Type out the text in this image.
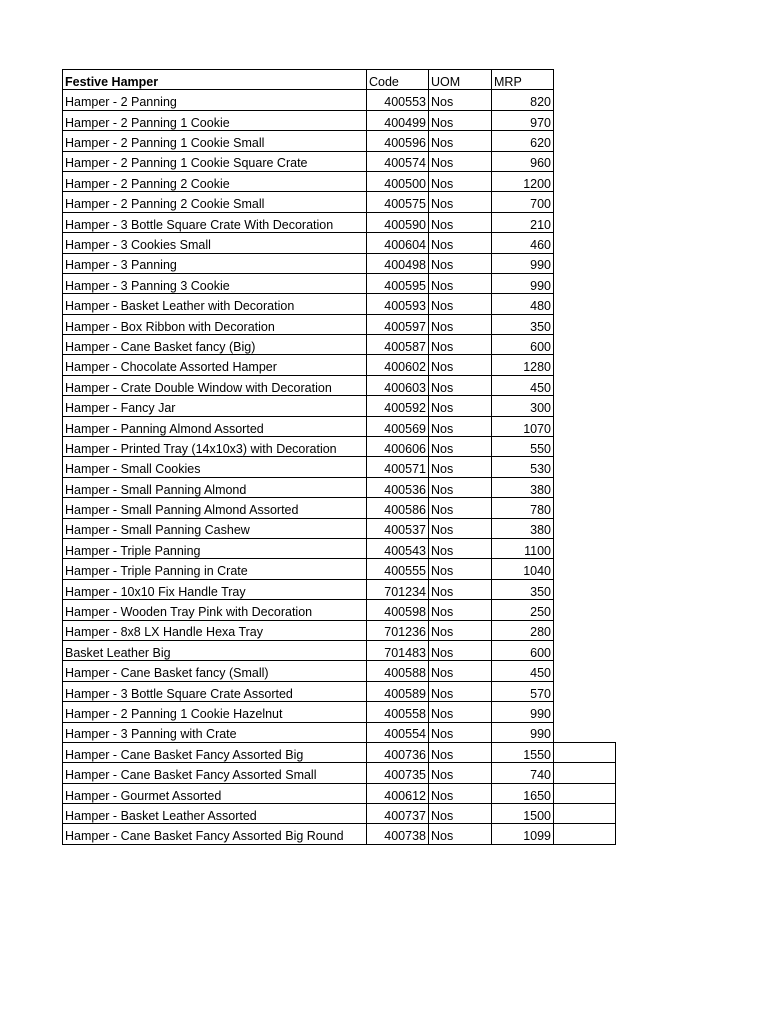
Festive Hamper	Code	UOM	MRP	
Hamper - 2 Panning	400553	Nos	820	
Hamper - 2 Panning 1 Cookie	400499	Nos	970	
Hamper - 2 Panning 1 Cookie Small	400596	Nos	620	
Hamper - 2 Panning 1 Cookie Square Crate	400574	Nos	960	
Hamper - 2 Panning 2 Cookie	400500	Nos	1200	
Hamper - 2 Panning 2 Cookie Small	400575	Nos	700	
Hamper - 3 Bottle Square Crate With Decoration	400590	Nos	210	
Hamper - 3 Cookies Small	400604	Nos	460	
Hamper - 3 Panning	400498	Nos	990	
Hamper - 3 Panning 3 Cookie	400595	Nos	990	
Hamper - Basket Leather with Decoration	400593	Nos	480	
Hamper - Box Ribbon with Decoration	400597	Nos	350	
Hamper - Cane Basket fancy (Big)	400587	Nos	600	
Hamper - Chocolate Assorted Hamper	400602	Nos	1280	
Hamper - Crate Double Window with Decoration	400603	Nos	450	
Hamper - Fancy Jar	400592	Nos	300	
Hamper - Panning Almond Assorted	400569	Nos	1070	
Hamper - Printed Tray (14x10x3) with Decoration	400606	Nos	550	
Hamper - Small Cookies	400571	Nos	530	
Hamper - Small Panning Almond	400536	Nos	380	
Hamper - Small Panning Almond Assorted	400586	Nos	780	
Hamper - Small Panning Cashew	400537	Nos	380	
Hamper - Triple Panning	400543	Nos	1100	
Hamper - Triple Panning in Crate	400555	Nos	1040	
Hamper - 10x10 Fix Handle Tray	701234	Nos	350	
Hamper - Wooden Tray Pink with Decoration	400598	Nos	250	
Hamper - 8x8 LX Handle Hexa Tray	701236	Nos	280	
Basket Leather Big	701483	Nos	600	
Hamper - Cane Basket fancy (Small)	400588	Nos	450	
Hamper - 3 Bottle Square Crate Assorted	400589	Nos	570	
Hamper - 2 Panning 1 Cookie Hazelnut	400558	Nos	990	
Hamper - 3 Panning with Crate	400554	Nos	990	
Hamper - Cane Basket Fancy Assorted Big	400736	Nos	1550	
Hamper - Cane Basket Fancy Assorted Small	400735	Nos	740	
Hamper - Gourmet Assorted	400612	Nos	1650	
Hamper - Basket Leather Assorted	400737	Nos	1500	
Hamper - Cane Basket Fancy Assorted Big Round	400738	Nos	1099	
